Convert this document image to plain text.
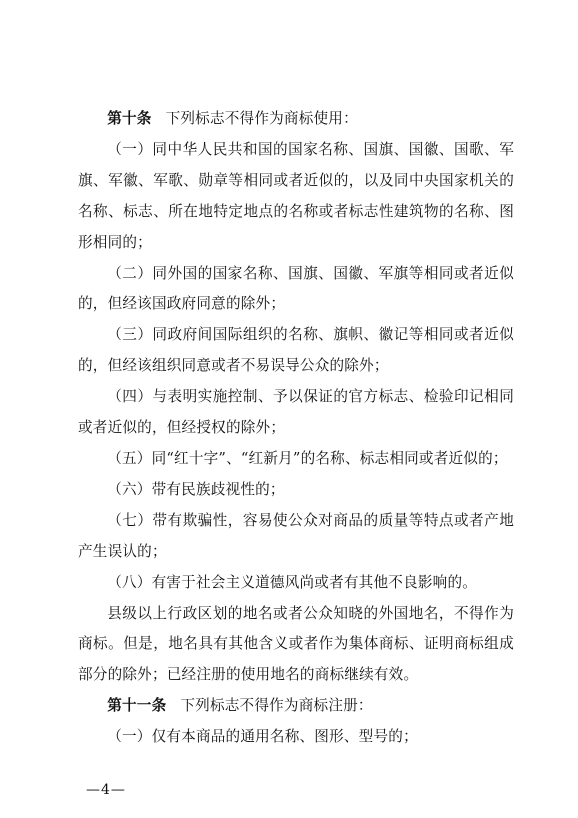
第十条 下列标志不得作为商标使用：

（一）同中华人民共和国的国家名称、国旗、国徽、国歌、军旗、军徽、军歌、勋章等相同或者近似的，以及同中央国家机关的名称、标志、所在地特定地点的名称或者标志性建筑物的名称、图形相同的；

（二）同外国的国家名称、国旗、国徽、军旗等相同或者近似的，但经该国政府同意的除外；

（三）同政府间国际组织的名称、旗帜、徽记等相同或者近似的，但经该组织同意或者不易误导公众的除外；

（四）与表明实施控制、予以保证的官方标志、检验印记相同或者近似的，但经授权的除外；

（五）同“红十字”、“红新月”的名称、标志相同或者近似的；

（六）带有民族歧视性的；

（七）带有欺骗性，容易使公众对商品的质量等特点或者产地产生误认的；

（八）有害于社会主义道德风尚或者有其他不良影响的。

县级以上行政区划的地名或者公众知晓的外国地名，不得作为商标。但是，地名具有其他含义或者作为集体商标、证明商标组成部分的除外；已经注册的使用地名的商标继续有效。

第十一条 下列标志不得作为商标注册：

（一）仅有本商品的通用名称、图形、型号的；

—4—
